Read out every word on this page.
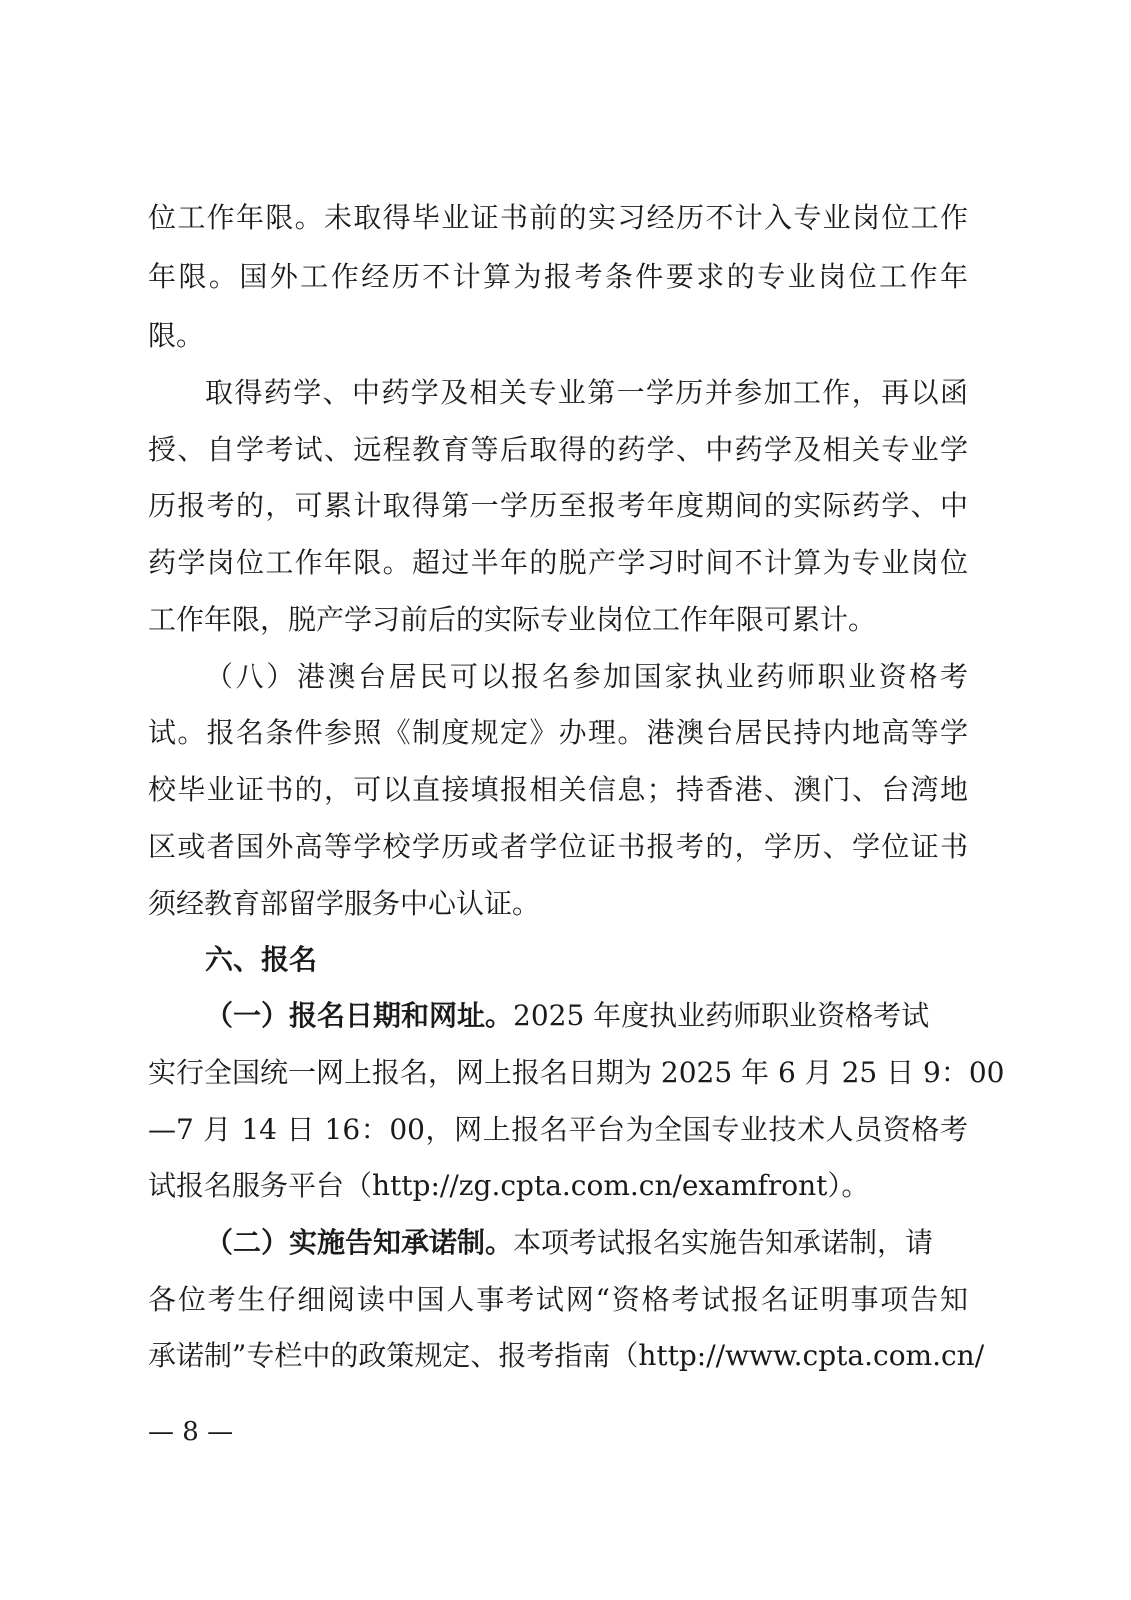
位工作年限。未取得毕业证书前的实习经历不计入专业岗位工作
年限。国外工作经历不计算为报考条件要求的专业岗位工作年
限。
取得药学、中药学及相关专业第一学历并参加工作，再以函
授、自学考试、远程教育等后取得的药学、中药学及相关专业学
历报考的，可累计取得第一学历至报考年度期间的实际药学、中
药学岗位工作年限。超过半年的脱产学习时间不计算为专业岗位
工作年限，脱产学习前后的实际专业岗位工作年限可累计。
（八）港澳台居民可以报名参加国家执业药师职业资格考
试。报名条件参照《制度规定》办理。港澳台居民持内地高等学
校毕业证书的，可以直接填报相关信息；持香港、澳门、台湾地
区或者国外高等学校学历或者学位证书报考的，学历、学位证书
须经教育部留学服务中心认证。
六、报名
（一）报名日期和网址。2025 年度执业药师职业资格考试
实行全国统一网上报名，网上报名日期为 2025 年 6 月 25 日 9：00
—7 月 14 日 16：00，网上报名平台为全国专业技术人员资格考
试报名服务平台（http://zg.cpta.com.cn/examfront）。
（二）实施告知承诺制。本项考试报名实施告知承诺制，请
各位考生仔细阅读中国人事考试网“资格考试报名证明事项告知
承诺制”专栏中的政策规定、报考指南（http://www.cpta.com.cn/
— 8 —
